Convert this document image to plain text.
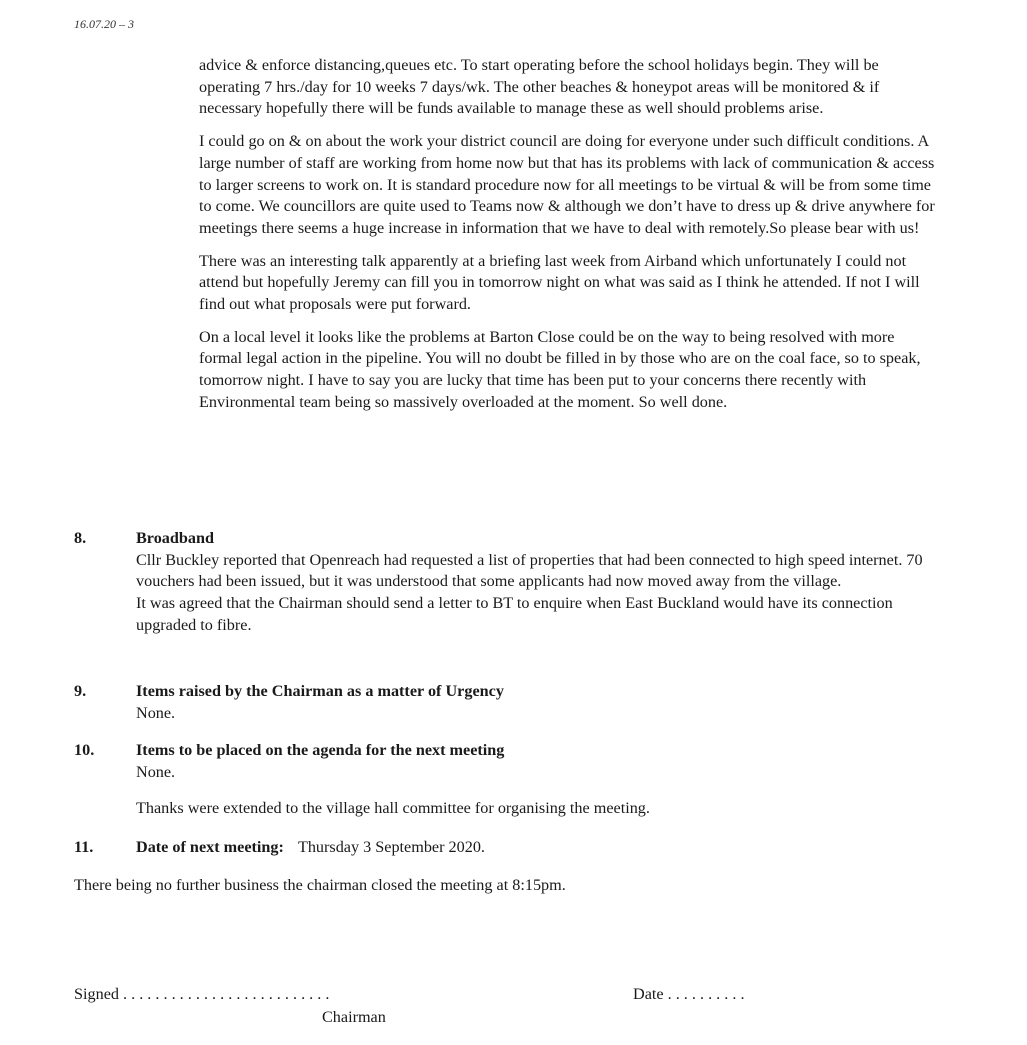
16.07.20 – 3

advice & enforce distancing,queues etc. To start operating before the school holidays begin. They will be operating 7 hrs./day for 10 weeks 7 days/wk. The other beaches & honeypot areas will be monitored & if necessary hopefully there will be funds available to manage these as well should problems arise.

I could go on & on about the work your district council are doing for everyone under such difficult conditions. A large number of staff are working from home now but that has its problems with lack of communication & access to larger screens to work on. It is standard procedure now for all meetings to be virtual & will be from some time to come. We councillors are quite used to Teams now & although we don’t have to dress up & drive anywhere for meetings there seems a huge increase in information that we have to deal with remotely.So please bear with us!

There was an interesting talk apparently at a briefing last week from Airband which unfortunately I could not attend but hopefully Jeremy can fill you in tomorrow night on what was said as I think he attended. If not I will find out what proposals were put forward.

On a local level it looks like the problems at Barton Close could be on the way to being resolved with more formal legal action in the pipeline. You will no doubt be filled in by those who are on the coal face, so to speak, tomorrow night. I have to say you are lucky that time has been put to your concerns there recently with Environmental team being so massively overloaded at the moment. So well done.

8.	Broadband

Cllr Buckley reported that Openreach had requested a list of properties that had been connected to high speed internet. 70 vouchers had been issued, but it was understood that some applicants had now moved away from the village.

It was agreed that the Chairman should send a letter to BT to enquire when East Buckland would have its connection upgraded to fibre.

9.	Items raised by the Chairman as a matter of Urgency

None.

10.	Items to be placed on the agenda for the next meeting

None.

Thanks were extended to the village hall committee for organising the meeting.

11.	Date of next meeting: Thursday 3 September 2020.
There being no further business the chairman closed the meeting at 8:15pm.
Signed . . . . . . . . . . . . . . . . . . . . . . . . . .
Chairman
Date . . . . . . . . . .
